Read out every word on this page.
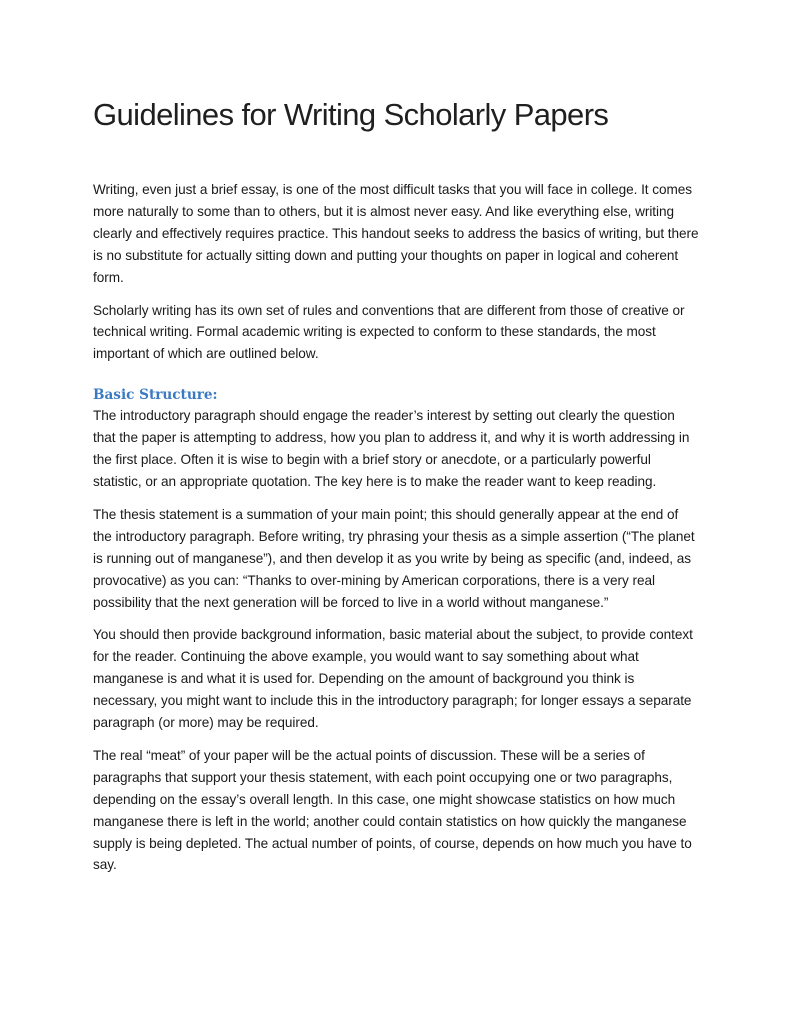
Guidelines for Writing Scholarly Papers

Writing, even just a brief essay, is one of the most difficult tasks that you will face in college. It comes more naturally to some than to others, but it is almost never easy. And like everything else, writing clearly and effectively requires practice. This handout seeks to address the basics of writing, but there is no substitute for actually sitting down and putting your thoughts on paper in logical and coherent form.

Scholarly writing has its own set of rules and conventions that are different from those of creative or technical writing. Formal academic writing is expected to conform to these standards, the most important of which are outlined below.

Basic Structure:

The introductory paragraph should engage the reader’s interest by setting out clearly the question that the paper is attempting to address, how you plan to address it, and why it is worth addressing in the first place. Often it is wise to begin with a brief story or anecdote, or a particularly powerful statistic, or an appropriate quotation. The key here is to make the reader want to keep reading.

The thesis statement is a summation of your main point; this should generally appear at the end of the introductory paragraph. Before writing, try phrasing your thesis as a simple assertion (“The planet is running out of manganese”), and then develop it as you write by being as specific (and, indeed, as provocative) as you can: “Thanks to over-mining by American corporations, there is a very real possibility that the next generation will be forced to live in a world without manganese.”

You should then provide background information, basic material about the subject, to provide context for the reader. Continuing the above example, you would want to say something about what manganese is and what it is used for. Depending on the amount of background you think is necessary, you might want to include this in the introductory paragraph; for longer essays a separate paragraph (or more) may be required.

The real “meat” of your paper will be the actual points of discussion. These will be a series of paragraphs that support your thesis statement, with each point occupying one or two paragraphs, depending on the essay’s overall length. In this case, one might showcase statistics on how much manganese there is left in the world; another could contain statistics on how quickly the manganese supply is being depleted. The actual number of points, of course, depends on how much you have to say.
